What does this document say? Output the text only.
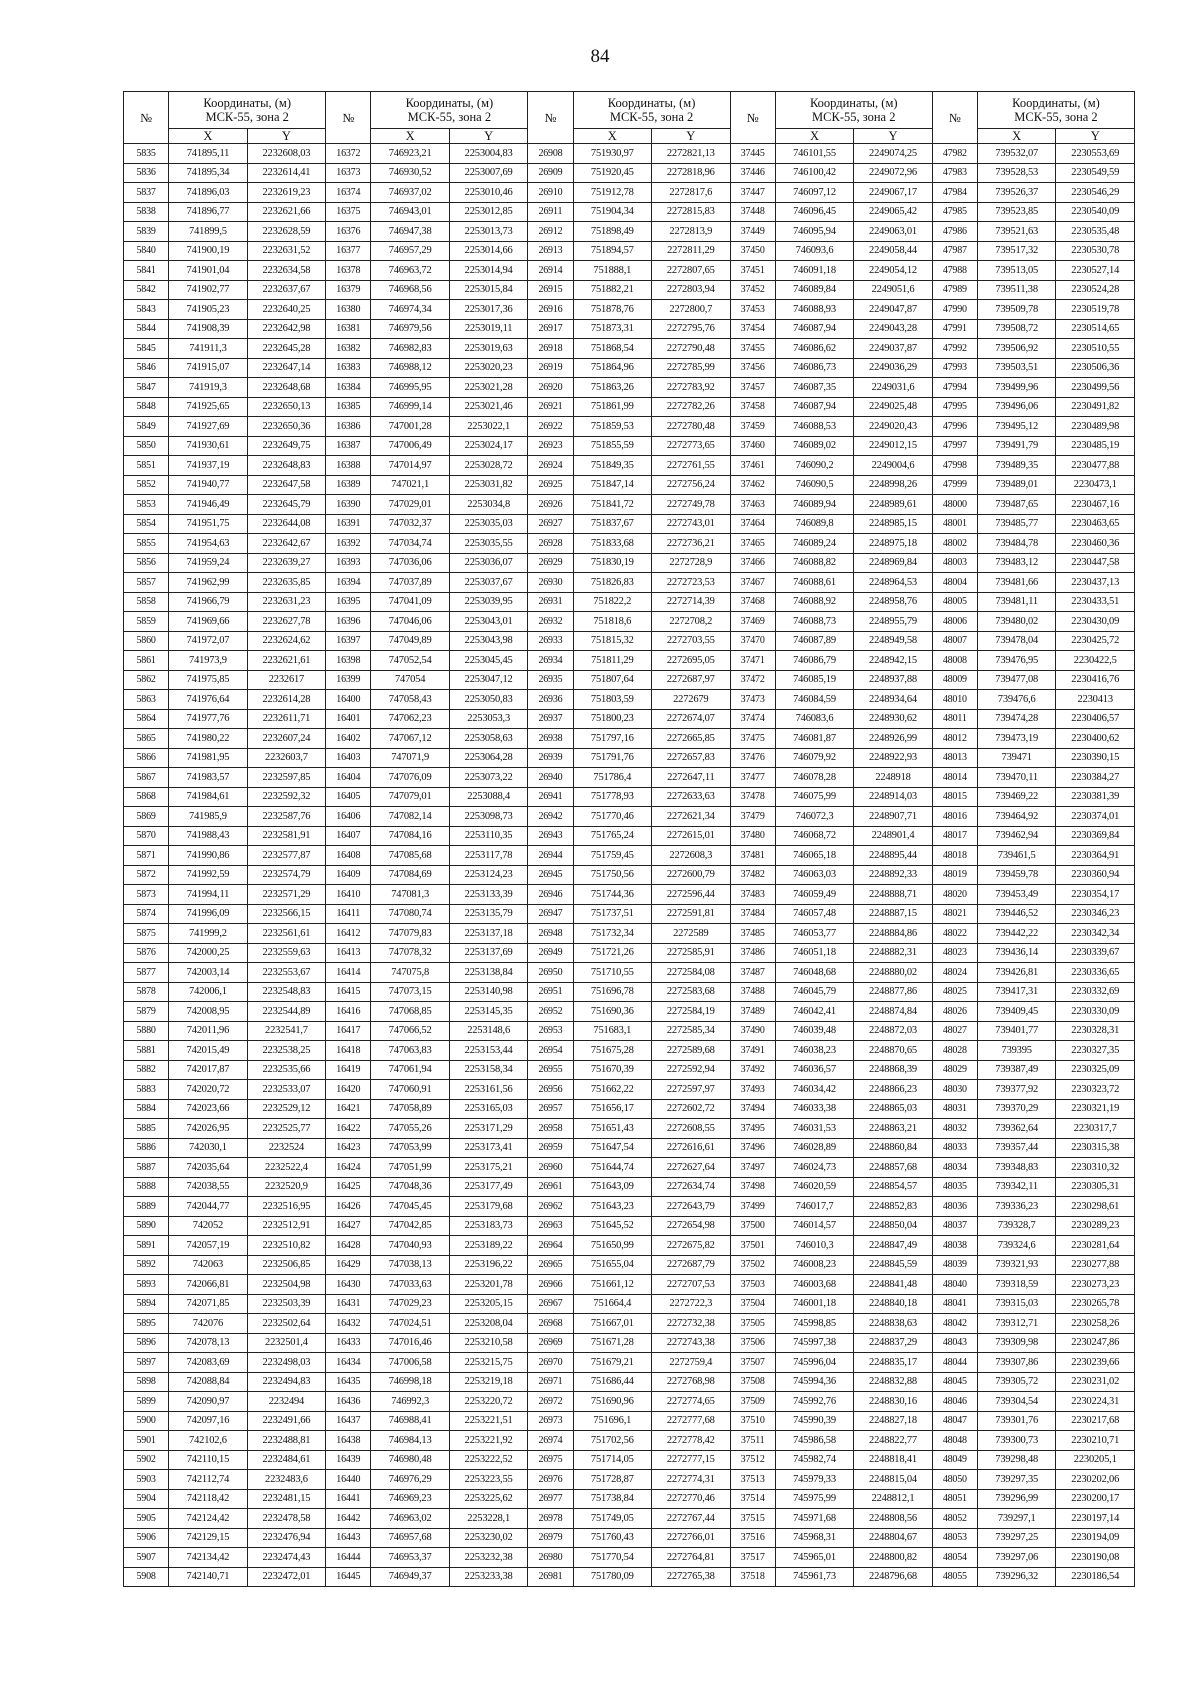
84
№	Координаты, (м)
МСК-55, зона 2		№	Координаты, (м)
МСК-55, зона 2		№	Координаты, (м)
МСК-55, зона 2		№	Координаты, (м)
МСК-55, зона 2		№	Координаты, (м)
МСК-55, зона 2	

	X	Y		X	Y		X	Y		X	Y		X	Y
5835	741895,11	2232608,03	16372	746923,21	2253004,83	26908	751930,97	2272821,13	37445	746101,55	2249074,25	47982	739532,07	2230553,69
5836	741895,34	2232614,41	16373	746930,52	2253007,69	26909	751920,45	2272818,96	37446	746100,42	2249072,96	47983	739528,53	2230549,59
5837	741896,03	2232619,23	16374	746937,02	2253010,46	26910	751912,78	2272817,6	37447	746097,12	2249067,17	47984	739526,37	2230546,29
5838	741896,77	2232621,66	16375	746943,01	2253012,85	26911	751904,34	2272815,83	37448	746096,45	2249065,42	47985	739523,85	2230540,09
5839	741899,5	2232628,59	16376	746947,38	2253013,73	26912	751898,49	2272813,9	37449	746095,94	2249063,01	47986	739521,63	2230535,48
5840	741900,19	2232631,52	16377	746957,29	2253014,66	26913	751894,57	2272811,29	37450	746093,6	2249058,44	47987	739517,32	2230530,78
5841	741901,04	2232634,58	16378	746963,72	2253014,94	26914	751888,1	2272807,65	37451	746091,18	2249054,12	47988	739513,05	2230527,14
5842	741902,77	2232637,67	16379	746968,56	2253015,84	26915	751882,21	2272803,94	37452	746089,84	2249051,6	47989	739511,38	2230524,28
5843	741905,23	2232640,25	16380	746974,34	2253017,36	26916	751878,76	2272800,7	37453	746088,93	2249047,87	47990	739509,78	2230519,78
5844	741908,39	2232642,98	16381	746979,56	2253019,11	26917	751873,31	2272795,76	37454	746087,94	2249043,28	47991	739508,72	2230514,65
5845	741911,3	2232645,28	16382	746982,83	2253019,63	26918	751868,54	2272790,48	37455	746086,62	2249037,87	47992	739506,92	2230510,55
5846	741915,07	2232647,14	16383	746988,12	2253020,23	26919	751864,96	2272785,99	37456	746086,73	2249036,29	47993	739503,51	2230506,36
5847	741919,3	2232648,68	16384	746995,95	2253021,28	26920	751863,26	2272783,92	37457	746087,35	2249031,6	47994	739499,96	2230499,56
5848	741925,65	2232650,13	16385	746999,14	2253021,46	26921	751861,99	2272782,26	37458	746087,94	2249025,48	47995	739496,06	2230491,82
5849	741927,69	2232650,36	16386	747001,28	2253022,1	26922	751859,53	2272780,48	37459	746088,53	2249020,43	47996	739495,12	2230489,98
5850	741930,61	2232649,75	16387	747006,49	2253024,17	26923	751855,59	2272773,65	37460	746089,02	2249012,15	47997	739491,79	2230485,19
5851	741937,19	2232648,83	16388	747014,97	2253028,72	26924	751849,35	2272761,55	37461	746090,2	2249004,6	47998	739489,35	2230477,88
5852	741940,77	2232647,58	16389	747021,1	2253031,82	26925	751847,14	2272756,24	37462	746090,5	2248998,26	47999	739489,01	2230473,1
5853	741946,49	2232645,79	16390	747029,01	2253034,8	26926	751841,72	2272749,78	37463	746089,94	2248989,61	48000	739487,65	2230467,16
5854	741951,75	2232644,08	16391	747032,37	2253035,03	26927	751837,67	2272743,01	37464	746089,8	2248985,15	48001	739485,77	2230463,65
5855	741954,63	2232642,67	16392	747034,74	2253035,55	26928	751833,68	2272736,21	37465	746089,24	2248975,18	48002	739484,78	2230460,36
5856	741959,24	2232639,27	16393	747036,06	2253036,07	26929	751830,19	2272728,9	37466	746088,82	2248969,84	48003	739483,12	2230447,58
5857	741962,99	2232635,85	16394	747037,89	2253037,67	26930	751826,83	2272723,53	37467	746088,61	2248964,53	48004	739481,66	2230437,13
5858	741966,79	2232631,23	16395	747041,09	2253039,95	26931	751822,2	2272714,39	37468	746088,92	2248958,76	48005	739481,11	2230433,51
5859	741969,66	2232627,78	16396	747046,06	2253043,01	26932	751818,6	2272708,2	37469	746088,73	2248955,79	48006	739480,02	2230430,09
5860	741972,07	2232624,62	16397	747049,89	2253043,98	26933	751815,32	2272703,55	37470	746087,89	2248949,58	48007	739478,04	2230425,72
5861	741973,9	2232621,61	16398	747052,54	2253045,45	26934	751811,29	2272695,05	37471	746086,79	2248942,15	48008	739476,95	2230422,5
5862	741975,85	2232617	16399	747054	2253047,12	26935	751807,64	2272687,97	37472	746085,19	2248937,88	48009	739477,08	2230416,76
5863	741976,64	2232614,28	16400	747058,43	2253050,83	26936	751803,59	2272679	37473	746084,59	2248934,64	48010	739476,6	2230413
5864	741977,76	2232611,71	16401	747062,23	2253053,3	26937	751800,23	2272674,07	37474	746083,6	2248930,62	48011	739474,28	2230406,57
5865	741980,22	2232607,24	16402	747067,12	2253058,63	26938	751797,16	2272665,85	37475	746081,87	2248926,99	48012	739473,19	2230400,62
5866	741981,95	2232603,7	16403	747071,9	2253064,28	26939	751791,76	2272657,83	37476	746079,92	2248922,93	48013	739471	2230390,15
5867	741983,57	2232597,85	16404	747076,09	2253073,22	26940	751786,4	2272647,11	37477	746078,28	2248918	48014	739470,11	2230384,27
5868	741984,61	2232592,32	16405	747079,01	2253088,4	26941	751778,93	2272633,63	37478	746075,99	2248914,03	48015	739469,22	2230381,39
5869	741985,9	2232587,76	16406	747082,14	2253098,73	26942	751770,46	2272621,34	37479	746072,3	2248907,71	48016	739464,92	2230374,01
5870	741988,43	2232581,91	16407	747084,16	2253110,35	26943	751765,24	2272615,01	37480	746068,72	2248901,4	48017	739462,94	2230369,84
5871	741990,86	2232577,87	16408	747085,68	2253117,78	26944	751759,45	2272608,3	37481	746065,18	2248895,44	48018	739461,5	2230364,91
5872	741992,59	2232574,79	16409	747084,69	2253124,23	26945	751750,56	2272600,79	37482	746063,03	2248892,33	48019	739459,78	2230360,94
5873	741994,11	2232571,29	16410	747081,3	2253133,39	26946	751744,36	2272596,44	37483	746059,49	2248888,71	48020	739453,49	2230354,17
5874	741996,09	2232566,15	16411	747080,74	2253135,79	26947	751737,51	2272591,81	37484	746057,48	2248887,15	48021	739446,52	2230346,23
5875	741999,2	2232561,61	16412	747079,83	2253137,18	26948	751732,34	2272589	37485	746053,77	2248884,86	48022	739442,22	2230342,34
5876	742000,25	2232559,63	16413	747078,32	2253137,69	26949	751721,26	2272585,91	37486	746051,18	2248882,31	48023	739436,14	2230339,67
5877	742003,14	2232553,67	16414	747075,8	2253138,84	26950	751710,55	2272584,08	37487	746048,68	2248880,02	48024	739426,81	2230336,65
5878	742006,1	2232548,83	16415	747073,15	2253140,98	26951	751696,78	2272583,68	37488	746045,79	2248877,86	48025	739417,31	2230332,69
5879	742008,95	2232544,89	16416	747068,85	2253145,35	26952	751690,36	2272584,19	37489	746042,41	2248874,84	48026	739409,45	2230330,09
5880	742011,96	2232541,7	16417	747066,52	2253148,6	26953	751683,1	2272585,34	37490	746039,48	2248872,03	48027	739401,77	2230328,31
5881	742015,49	2232538,25	16418	747063,83	2253153,44	26954	751675,28	2272589,68	37491	746038,23	2248870,65	48028	739395	2230327,35
5882	742017,87	2232535,66	16419	747061,94	2253158,34	26955	751670,39	2272592,94	37492	746036,57	2248868,39	48029	739387,49	2230325,09
5883	742020,72	2232533,07	16420	747060,91	2253161,56	26956	751662,22	2272597,97	37493	746034,42	2248866,23	48030	739377,92	2230323,72
5884	742023,66	2232529,12	16421	747058,89	2253165,03	26957	751656,17	2272602,72	37494	746033,38	2248865,03	48031	739370,29	2230321,19
5885	742026,95	2232525,77	16422	747055,26	2253171,29	26958	751651,43	2272608,55	37495	746031,53	2248863,21	48032	739362,64	2230317,7
5886	742030,1	2232524	16423	747053,99	2253173,41	26959	751647,54	2272616,61	37496	746028,89	2248860,84	48033	739357,44	2230315,38
5887	742035,64	2232522,4	16424	747051,99	2253175,21	26960	751644,74	2272627,64	37497	746024,73	2248857,68	48034	739348,83	2230310,32
5888	742038,55	2232520,9	16425	747048,36	2253177,49	26961	751643,09	2272634,74	37498	746020,59	2248854,57	48035	739342,11	2230305,31
5889	742044,77	2232516,95	16426	747045,45	2253179,68	26962	751643,23	2272643,79	37499	746017,7	2248852,83	48036	739336,23	2230298,61
5890	742052	2232512,91	16427	747042,85	2253183,73	26963	751645,52	2272654,98	37500	746014,57	2248850,04	48037	739328,7	2230289,23
5891	742057,19	2232510,82	16428	747040,93	2253189,22	26964	751650,99	2272675,82	37501	746010,3	2248847,49	48038	739324,6	2230281,64
5892	742063	2232506,85	16429	747038,13	2253196,22	26965	751655,04	2272687,79	37502	746008,23	2248845,59	48039	739321,93	2230277,88
5893	742066,81	2232504,98	16430	747033,63	2253201,78	26966	751661,12	2272707,53	37503	746003,68	2248841,48	48040	739318,59	2230273,23
5894	742071,85	2232503,39	16431	747029,23	2253205,15	26967	751664,4	2272722,3	37504	746001,18	2248840,18	48041	739315,03	2230265,78
5895	742076	2232502,64	16432	747024,51	2253208,04	26968	751667,01	2272732,38	37505	745998,85	2248838,63	48042	739312,71	2230258,26
5896	742078,13	2232501,4	16433	747016,46	2253210,58	26969	751671,28	2272743,38	37506	745997,38	2248837,29	48043	739309,98	2230247,86
5897	742083,69	2232498,03	16434	747006,58	2253215,75	26970	751679,21	2272759,4	37507	745996,04	2248835,17	48044	739307,86	2230239,66
5898	742088,84	2232494,83	16435	746998,18	2253219,18	26971	751686,44	2272768,98	37508	745994,36	2248832,88	48045	739305,72	2230231,02
5899	742090,97	2232494	16436	746992,3	2253220,72	26972	751690,96	2272774,65	37509	745992,76	2248830,16	48046	739304,54	2230224,31
5900	742097,16	2232491,66	16437	746988,41	2253221,51	26973	751696,1	2272777,68	37510	745990,39	2248827,18	48047	739301,76	2230217,68
5901	742102,6	2232488,81	16438	746984,13	2253221,92	26974	751702,56	2272778,42	37511	745986,58	2248822,77	48048	739300,73	2230210,71
5902	742110,15	2232484,61	16439	746980,48	2253222,52	26975	751714,05	2272777,15	37512	745982,74	2248818,41	48049	739298,48	2230205,1
5903	742112,74	2232483,6	16440	746976,29	2253223,55	26976	751728,87	2272774,31	37513	745979,33	2248815,04	48050	739297,35	2230202,06
5904	742118,42	2232481,15	16441	746969,23	2253225,62	26977	751738,84	2272770,46	37514	745975,99	2248812,1	48051	739296,99	2230200,17
5905	742124,42	2232478,58	16442	746963,02	2253228,1	26978	751749,05	2272767,44	37515	745971,68	2248808,56	48052	739297,1	2230197,14
5906	742129,15	2232476,94	16443	746957,68	2253230,02	26979	751760,43	2272766,01	37516	745968,31	2248804,67	48053	739297,25	2230194,09
5907	742134,42	2232474,43	16444	746953,37	2253232,38	26980	751770,54	2272764,81	37517	745965,01	2248800,82	48054	739297,06	2230190,08
5908	742140,71	2232472,01	16445	746949,37	2253233,38	26981	751780,09	2272765,38	37518	745961,73	2248796,68	48055	739296,32	2230186,54
